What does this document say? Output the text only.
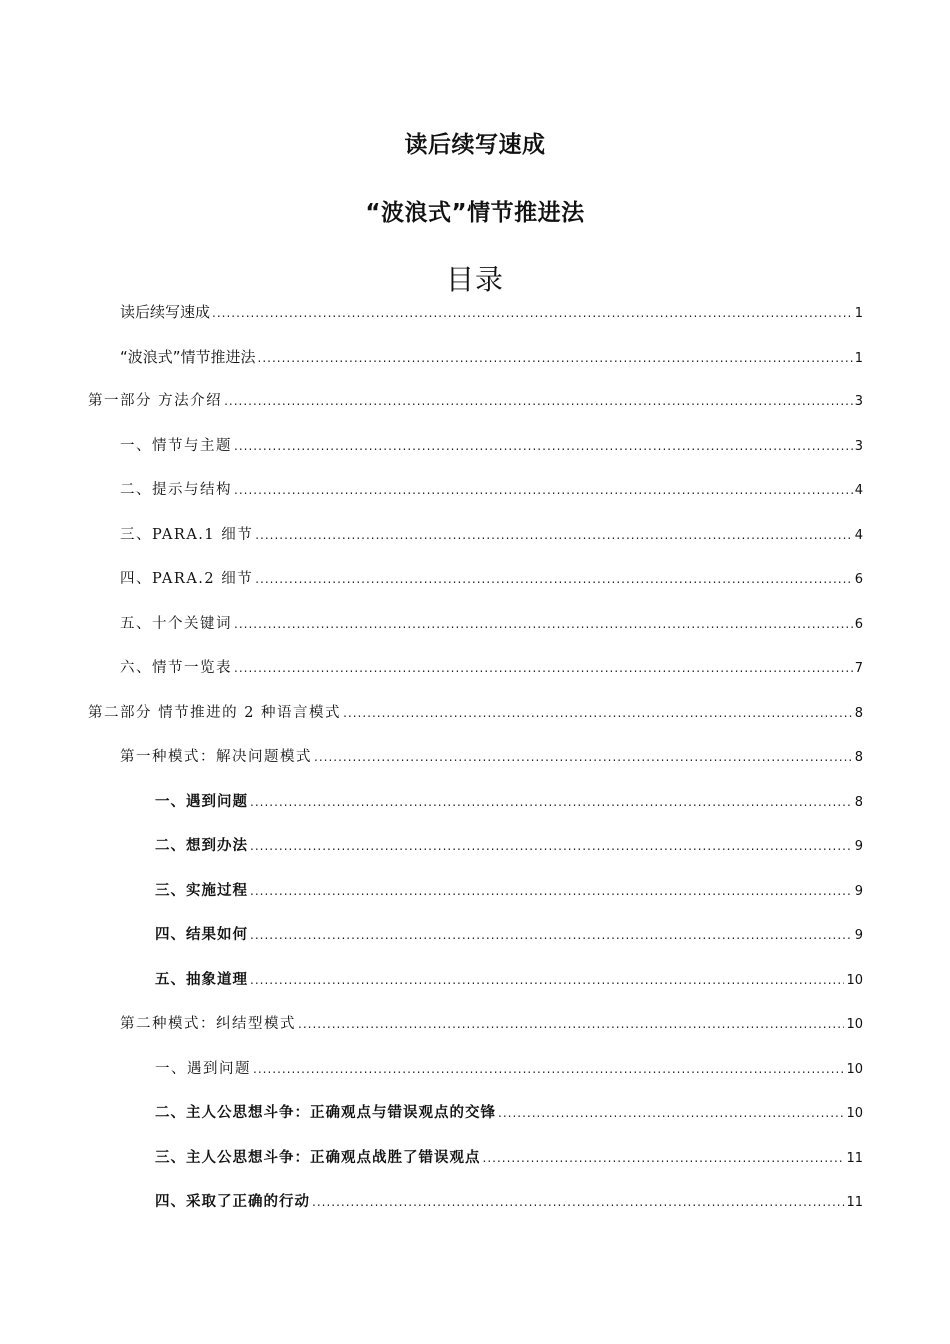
读后续写速成
“波浪式”情节推进法
目录
读后续写速成 .....	1
“波浪式”情节推进法 .....	1
第一部分 方法介绍 .....	3
一、情节与主题 .....	3
二、提示与结构 .....	4
三、PARA.1 细节 .....	4
四、PARA.2 细节 .....	6
五、十个关键词 .....	6
六、情节一览表 .....	7
第二部分 情节推进的 2 种语言模式 .....	8
第一种模式：解决问题模式 .....	8
一、遇到问题 .....	8
二、想到办法 .....	9
三、实施过程 .....	9
四、结果如何 .....	9
五、抽象道理 .....	10
第二种模式：纠结型模式 .....	10
一、遇到问题 .....	10
二、主人公思想斗争：正确观点与错误观点的交锋 .....	10
三、主人公思想斗争：正确观点战胜了错误观点 .....	11
四、采取了正确的行动 .....	11
